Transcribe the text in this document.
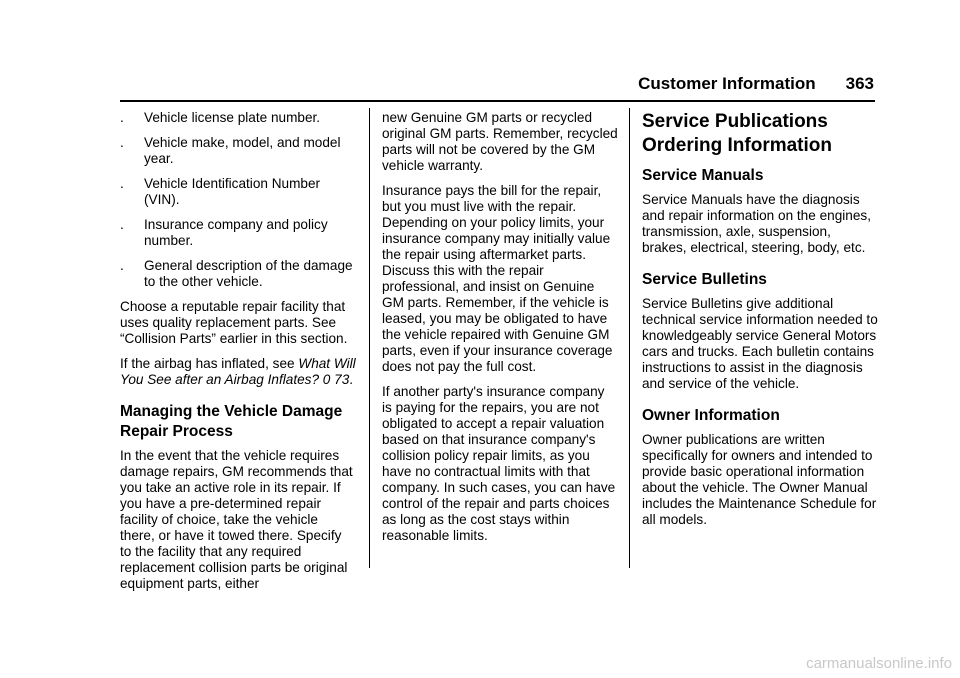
Customer Information 363
. Vehicle license plate number.
. Vehicle make, model, and model year.
. Vehicle Identification Number (VIN).
. Insurance company and policy number.
. General description of the damage to the other vehicle.

Choose a reputable repair facility that uses quality replacement parts. See “Collision Parts” earlier in this section.

If the airbag has inflated, see What Will You See after an Airbag Inflates? 0 73.

Managing the Vehicle Damage Repair Process

In the event that the vehicle requires damage repairs, GM recommends that you take an active role in its repair. If you have a pre-determined repair facility of choice, take the vehicle there, or have it towed there. Specify to the facility that any required replacement collision parts be original equipment parts, either

new Genuine GM parts or recycled original GM parts. Remember, recycled parts will not be covered by the GM vehicle warranty.

Insurance pays the bill for the repair, but you must live with the repair. Depending on your policy limits, your insurance company may initially value the repair using aftermarket parts. Discuss this with the repair professional, and insist on Genuine GM parts. Remember, if the vehicle is leased, you may be obligated to have the vehicle repaired with Genuine GM parts, even if your insurance coverage does not pay the full cost.

If another party's insurance company is paying for the repairs, you are not obligated to accept a repair valuation based on that insurance company's collision policy repair limits, as you have no contractual limits with that company. In such cases, you can have control of the repair and parts choices as long as the cost stays within reasonable limits.

Service Publications Ordering Information
Service Manuals

Service Manuals have the diagnosis and repair information on the engines, transmission, axle, suspension, brakes, electrical, steering, body, etc.

Service Bulletins

Service Bulletins give additional technical service information needed to knowledgeably service General Motors cars and trucks. Each bulletin contains instructions to assist in the diagnosis and service of the vehicle.

Owner Information

Owner publications are written specifically for owners and intended to provide basic operational information about the vehicle. The Owner Manual includes the Maintenance Schedule for all models.

carmanualsonline.info
